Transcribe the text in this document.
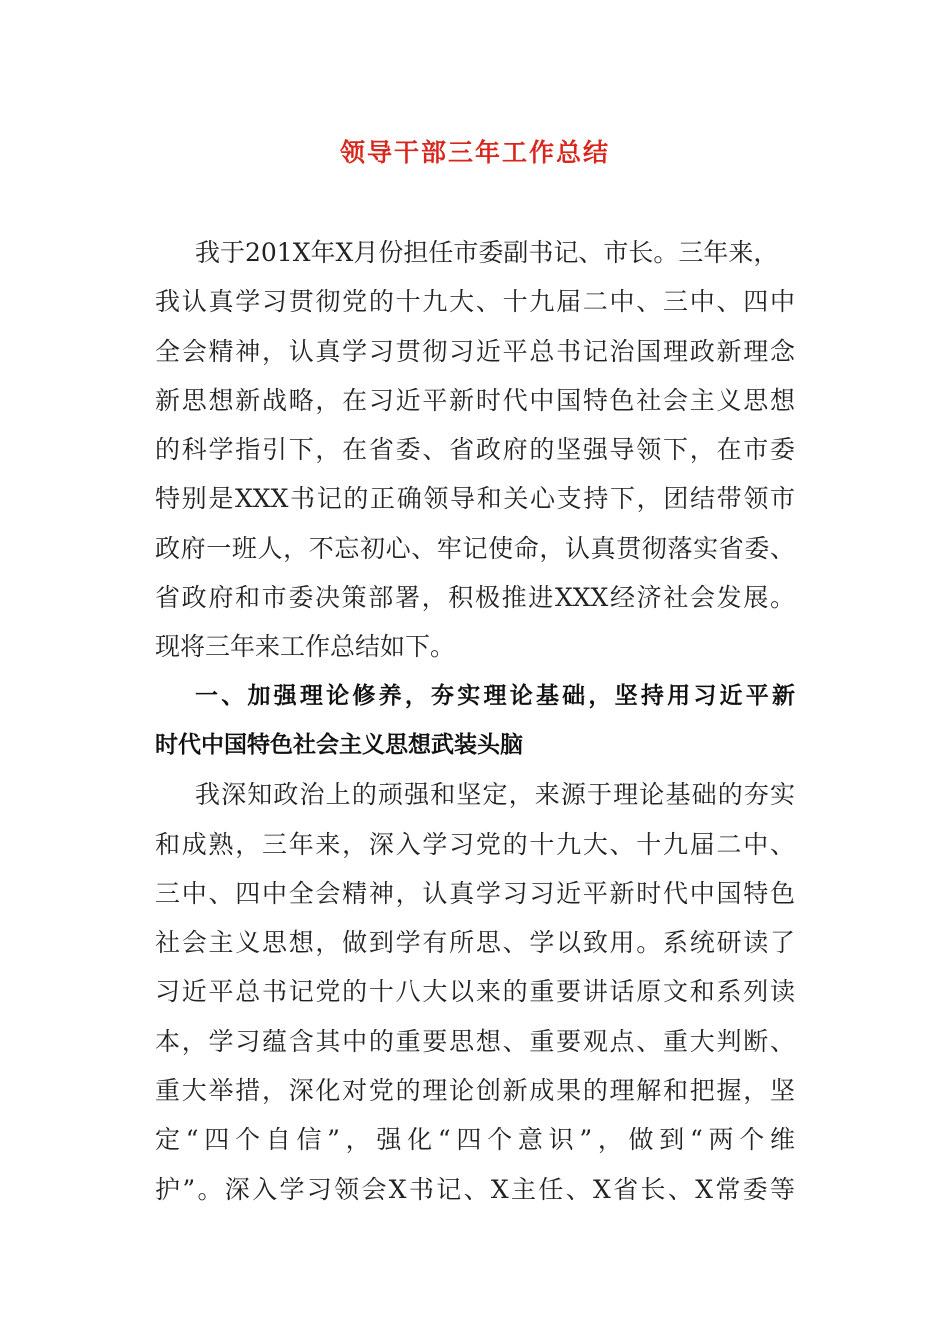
领导干部三年工作总结
我于201X年X月份担任市委副书记、市长。三年来，
我认真学习贯彻党的十九大、十九届二中、三中、四中
全会精神，认真学习贯彻习近平总书记治国理政新理念
新思想新战略，在习近平新时代中国特色社会主义思想
的科学指引下，在省委、省政府的坚强导领下，在市委
特别是XXX书记的正确领导和关心支持下，团结带领市
政府一班人，不忘初心、牢记使命，认真贯彻落实省委、
省政府和市委决策部署，积极推进XXX经济社会发展。
现将三年来工作总结如下。
一、加强理论修养，夯实理论基础，坚持用习近平新
时代中国特色社会主义思想武装头脑
我深知政治上的顽强和坚定，来源于理论基础的夯实
和成熟，三年来，深入学习党的十九大、十九届二中、
三中、四中全会精神，认真学习习近平新时代中国特色
社会主义思想，做到学有所思、学以致用。系统研读了
习近平总书记党的十八大以来的重要讲话原文和系列读
本，学习蕴含其中的重要思想、重要观点、重大判断、
重大举措，深化对党的理论创新成果的理解和把握，坚
定“四个自信”，强化“四个意识”，做到“两个维
护”。深入学习领会X书记、X主任、X省长、X常委等
